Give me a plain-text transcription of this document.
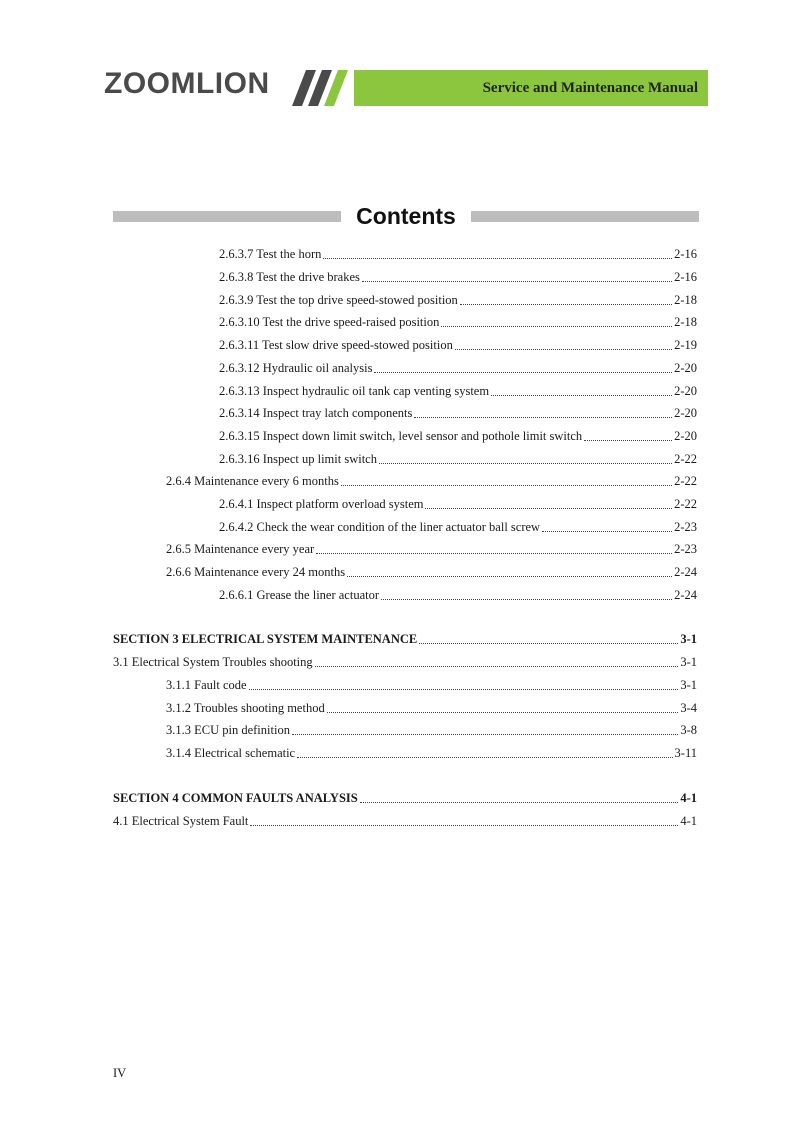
ZOOMLION	Service and Maintenance Manual
Contents
2.6.3.7 Test the horn	2-16
2.6.3.8 Test the drive brakes	2-16
2.6.3.9 Test the top drive speed-stowed position	2-18
2.6.3.10 Test the drive speed-raised position	2-18
2.6.3.11 Test slow drive speed-stowed position	2-19
2.6.3.12 Hydraulic oil analysis	2-20
2.6.3.13 Inspect hydraulic oil tank cap venting system	2-20
2.6.3.14 Inspect tray latch components	2-20
2.6.3.15 Inspect down limit switch, level sensor and pothole limit switch	2-20
2.6.3.16 Inspect up limit switch	2-22
2.6.4 Maintenance every 6 months	2-22
2.6.4.1 Inspect platform overload system	2-22
2.6.4.2 Check the wear condition of the liner actuator ball screw	2-23
2.6.5 Maintenance every year	2-23
2.6.6 Maintenance every 24 months	2-24
2.6.6.1 Grease the liner actuator	2-24
SECTION 3 ELECTRICAL SYSTEM MAINTENANCE	3-1
3.1 Electrical System Troubles shooting	3-1
3.1.1 Fault code	3-1
3.1.2 Troubles shooting method	3-4
3.1.3 ECU pin definition	3-8
3.1.4 Electrical schematic	3-11
SECTION 4 COMMON FAULTS ANALYSIS	4-1
4.1 Electrical System Fault	4-1
IV
